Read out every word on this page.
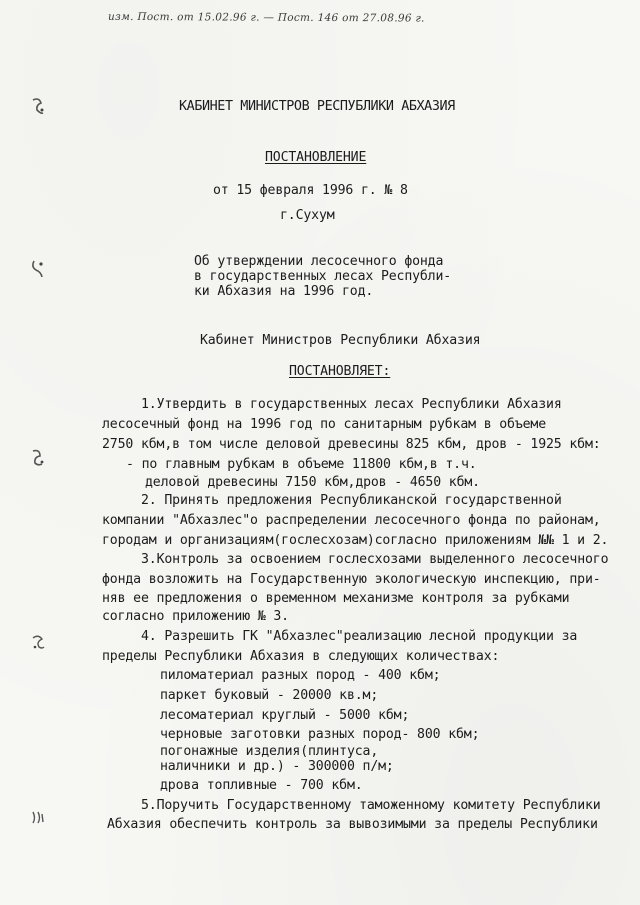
изм. Пост. от 15.02.96 г. — Пост. 146 от 27.08.96 г.
КАБИНЕТ МИНИСТРОВ РЕСПУБЛИКИ АБХАЗИЯ
ПОСТАНОВЛЕНИЕ
от 15 февраля 1996 г. № 8
г.Сухум
Об утверждении лесосечного фонда
в государственных лесах Республи-
ки Абхазия на 1996 год.
Кабинет Министров Республики Абхазия
ПОСТАНОВЛЯЕТ:
1.Утвердить в государственных лесах Республики Абхазия
лесосечный фонд на 1996 год по санитарным рубкам в объеме
2750 кбм,в том числе деловой древесины 825 кбм, дров - 1925 кбм:
- по главным рубкам в объеме 11800 кбм,в т.ч.
деловой древесины 7150 кбм,дров - 4650 кбм.
2. Принять предложения Республиканской государственной
компании "Абхазлес"о распределении лесосечного фонда по районам,
городам и организациям(гослесхозам)согласно приложениям №№ 1 и 2.
3.Контроль за освоением гослесхозами выделенного лесосечного
фонда возложить на Государственную экологическую инспекцию, при-
няв ее предложения о временном механизме контроля за рубками
согласно приложению № 3.
4. Разрешить ГК "Абхазлес"реализацию лесной продукции за
пределы Республики Абхазия в следующих количествах:
пиломатериал разных пород - 400 кбм;
паркет буковый - 20000 кв.м;
лесоматериал круглый - 5000 кбм;
черновые заготовки разных пород- 800 кбм;
погонажные изделия(плинтуса,
наличники и др.) - 300000 п/м;
дрова топливные - 700 кбм.
5.Поручить Государственному таможенному комитету Республики
Абхазия обеспечить контроль за вывозимыми за пределы Республики
